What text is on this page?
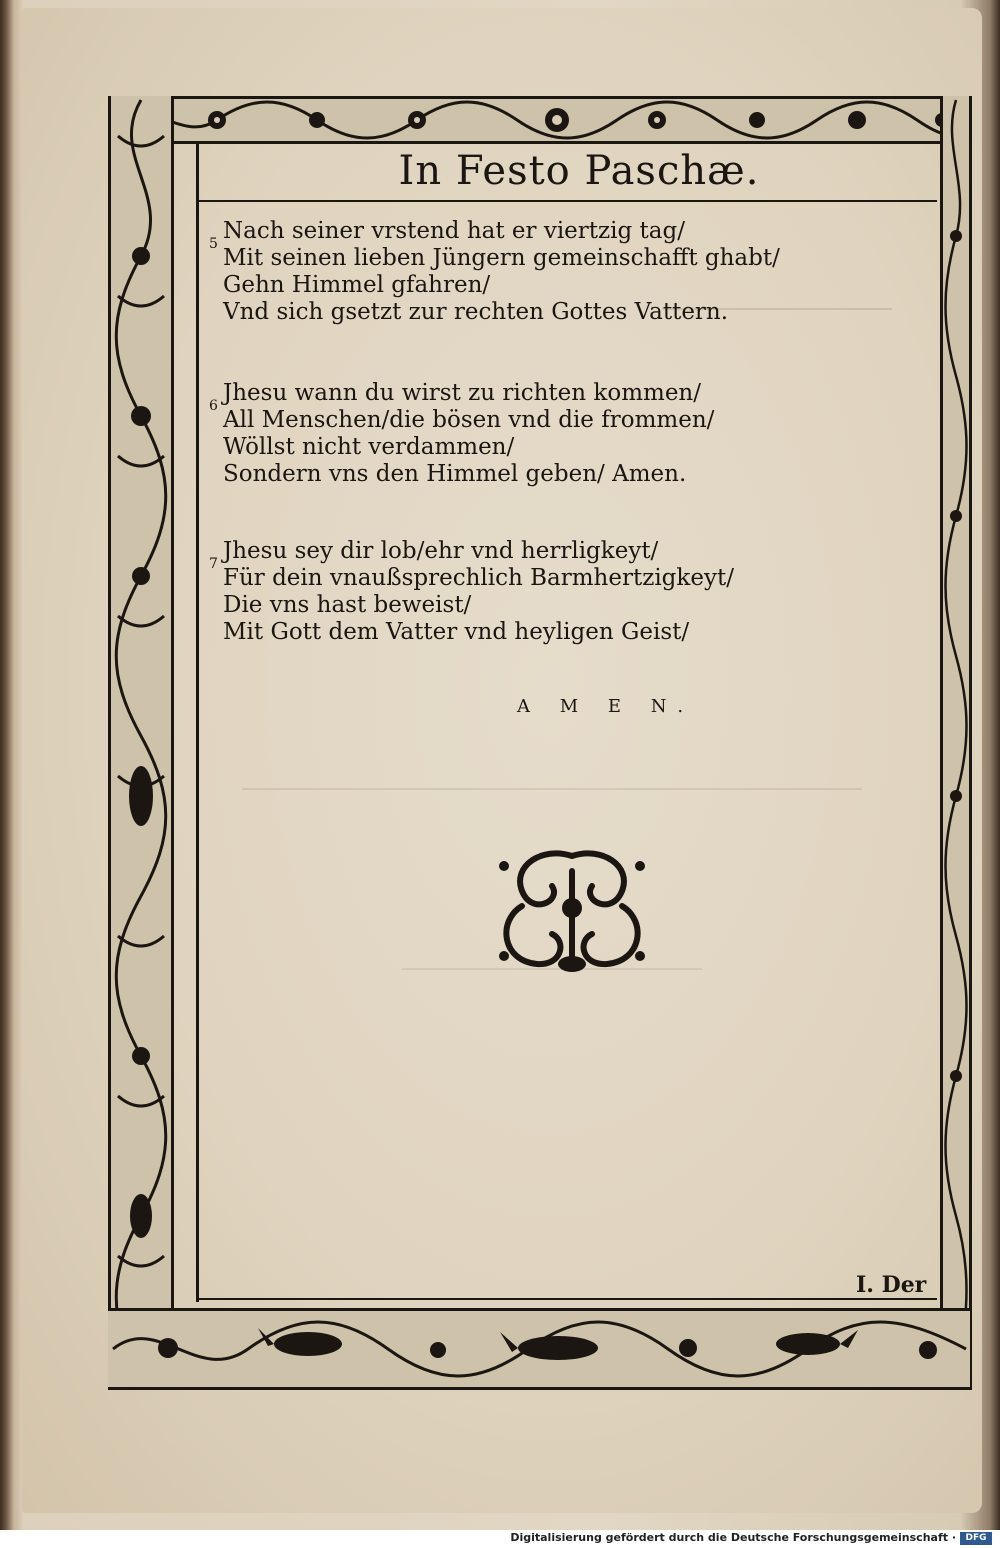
In Festo Paschæ.
5 Nach seiner vrstend hat er viertzig tag/
Mit seinen lieben Jüngern gemeinschafft ghabt/
Gehn Himmel gfahren/
Vnd sich gsetzt zur rechten Gottes Vattern.
6 Jhesu wann du wirst zu richten kommen/
All Menschen/die bösen vnd die frommen/
Wöllst nicht verdammen/
Sondern vns den Himmel geben/ Amen.
7 Jhesu sey dir lob/ehr vnd herrligkeyt/
Für dein vnaußsprechlich Barmhertzigkeyt/
Die vns hast beweist/
Mit Gott dem Vatter vnd heyligen Geist/
A M E N.
I. Der
Digitalisierung gefördert durch die Deutsche Forschungsgemeinschaft ·	DFG
